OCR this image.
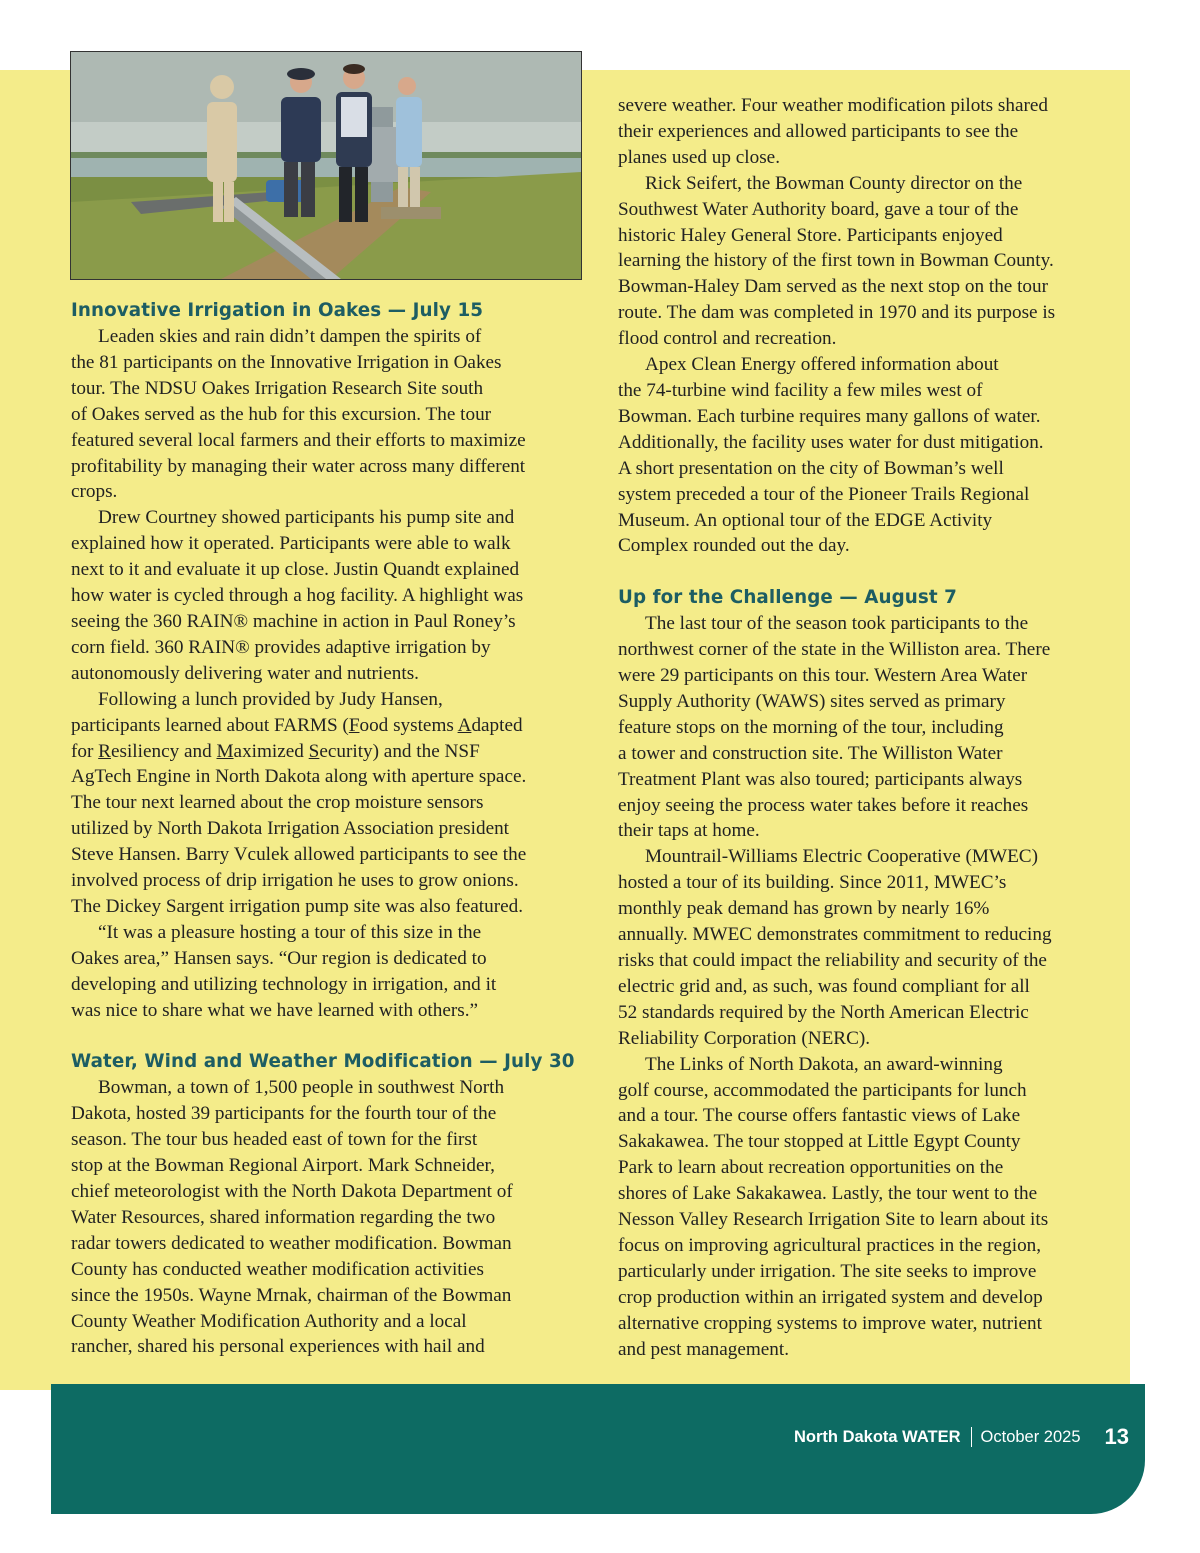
Innovative Irrigation in Oakes — July 15

Leaden skies and rain didn’t dampen the spirits of
the 81 participants on the Innovative Irrigation in Oakes
tour. The NDSU Oakes Irrigation Research Site south
of Oakes served as the hub for this excursion. The tour
featured several local farmers and their efforts to maximize
profitability by managing their water across many different
crops.

Drew Courtney showed participants his pump site and
explained how it operated. Participants were able to walk
next to it and evaluate it up close. Justin Quandt explained
how water is cycled through a hog facility. A highlight was
seeing the 360 RAIN® machine in action in Paul Roney’s
corn field. 360 RAIN® provides adaptive irrigation by
autonomously delivering water and nutrients.

Following a lunch provided by Judy Hansen,
participants learned about FARMS (Food systems Adapted
for Resiliency and Maximized Security) and the NSF
AgTech Engine in North Dakota along with aperture space.
The tour next learned about the crop moisture sensors
utilized by North Dakota Irrigation Association president
Steve Hansen. Barry Vculek allowed participants to see the
involved process of drip irrigation he uses to grow onions.
The Dickey Sargent irrigation pump site was also featured.

“It was a pleasure hosting a tour of this size in the
Oakes area,” Hansen says. “Our region is dedicated to
developing and utilizing technology in irrigation, and it
was nice to share what we have learned with others.”

Water, Wind and Weather Modification — July 30

Bowman, a town of 1,500 people in southwest North
Dakota, hosted 39 participants for the fourth tour of the
season. The tour bus headed east of town for the first
stop at the Bowman Regional Airport. Mark Schneider,
chief meteorologist with the North Dakota Department of
Water Resources, shared information regarding the two
radar towers dedicated to weather modification. Bowman
County has conducted weather modification activities
since the 1950s. Wayne Mrnak, chairman of the Bowman
County Weather Modification Authority and a local
rancher, shared his personal experiences with hail and

severe weather. Four weather modification pilots shared
their experiences and allowed participants to see the
planes used up close.

Rick Seifert, the Bowman County director on the
Southwest Water Authority board, gave a tour of the
historic Haley General Store. Participants enjoyed
learning the history of the first town in Bowman County.
Bowman-Haley Dam served as the next stop on the tour
route. The dam was completed in 1970 and its purpose is
flood control and recreation.

Apex Clean Energy offered information about
the 74-turbine wind facility a few miles west of
Bowman. Each turbine requires many gallons of water.
Additionally, the facility uses water for dust mitigation.
A short presentation on the city of Bowman’s well
system preceded a tour of the Pioneer Trails Regional
Museum. An optional tour of the EDGE Activity
Complex rounded out the day.

Up for the Challenge — August 7

The last tour of the season took participants to the
northwest corner of the state in the Williston area. There
were 29 participants on this tour. Western Area Water
Supply Authority (WAWS) sites served as primary
feature stops on the morning of the tour, including
a tower and construction site. The Williston Water
Treatment Plant was also toured; participants always
enjoy seeing the process water takes before it reaches
their taps at home.

Mountrail-Williams Electric Cooperative (MWEC)
hosted a tour of its building. Since 2011, MWEC’s
monthly peak demand has grown by nearly 16%
annually. MWEC demonstrates commitment to reducing
risks that could impact the reliability and security of the
electric grid and, as such, was found compliant for all
52 standards required by the North American Electric
Reliability Corporation (NERC).

The Links of North Dakota, an award-winning
golf course, accommodated the participants for lunch
and a tour. The course offers fantastic views of Lake
Sakakawea. The tour stopped at Little Egypt County
Park to learn about recreation opportunities on the
shores of Lake Sakakawea. Lastly, the tour went to the
Nesson Valley Research Irrigation Site to learn about its
focus on improving agricultural practices in the region,
particularly under irrigation. The site seeks to improve
crop production within an irrigated system and develop
alternative cropping systems to improve water, nutrient
and pest management.

North Dakota WATER October 2025 13
